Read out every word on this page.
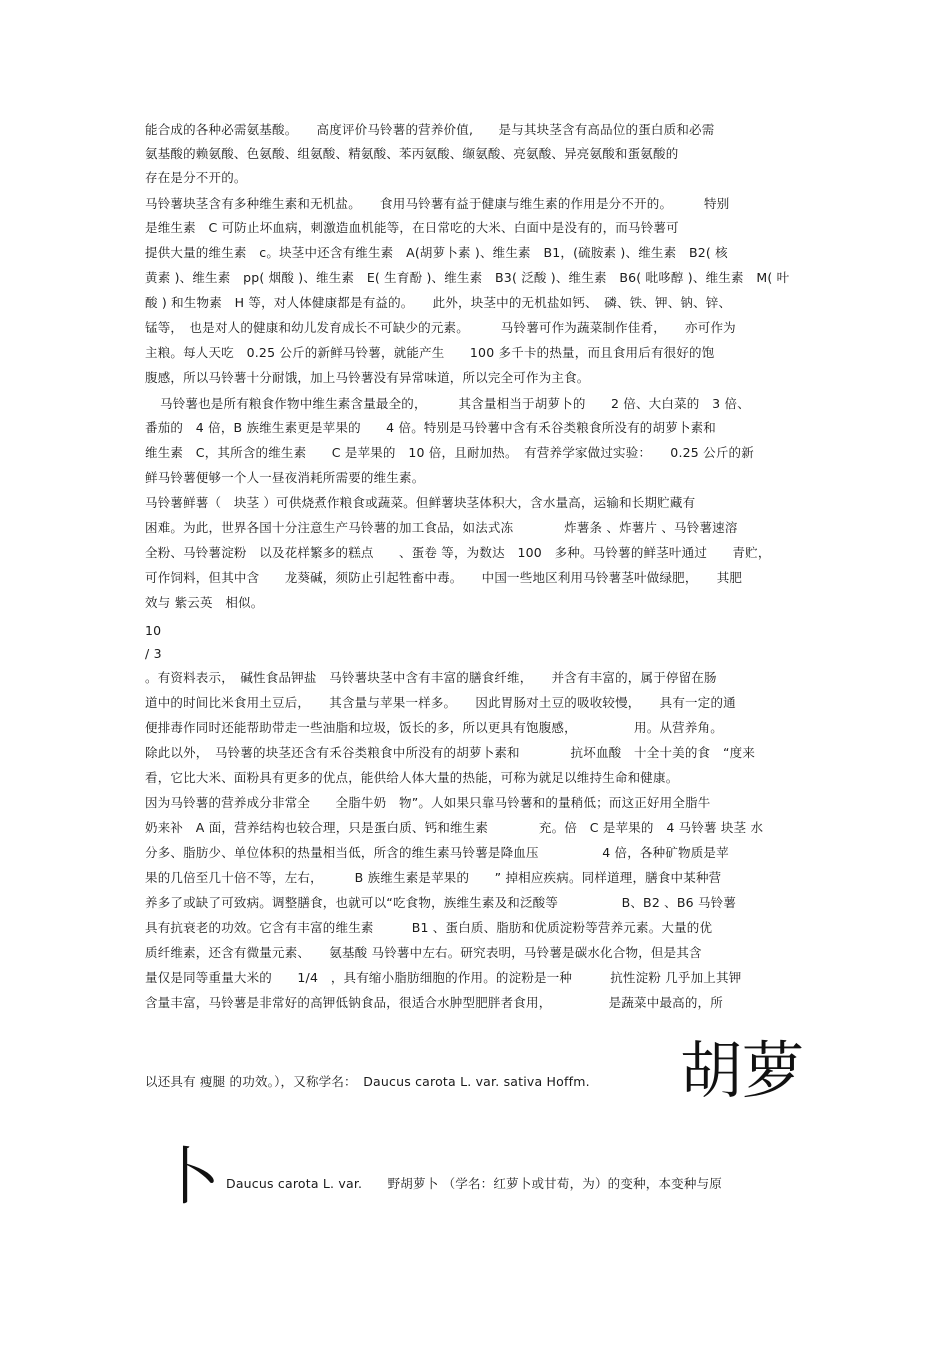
能合成的各种必需氨基酸。　　高度评价马铃薯的营养价值,　　是与其块茎含有高品位的蛋白质和必需
氨基酸的赖氨酸、色氨酸、组氨酸、精氨酸、苯丙氨酸、缬氨酸、亮氨酸、异亮氨酸和蛋氨酸的
存在是分不开的。
马铃薯块茎含有多种维生素和无机盐。　　食用马铃薯有益于健康与维生素的作用是分不开的。　　　特别
是维生素　C 可防止坏血病，刺激造血机能等，在日常吃的大米、白面中是没有的，而马铃薯可
提供大量的维生素　c。块茎中还含有维生素　A(胡萝卜素 )、维生素　B1，(硫胺素 )、维生素　B2( 核
黄素 )、维生素　pp( 烟酸 )、维生素　E( 生育酚 )、维生素　B3( 泛酸 )、维生素　B6( 吡哆醇 )、维生素　M( 叶
酸 ) 和生物素　H 等，对人体健康都是有益的。　　此外，块茎中的无机盐如钙、　磷、铁、钾、钠、锌、
锰等，　也是对人的健康和幼儿发育成长不可缺少的元素。　　　马铃薯可作为蔬菜制作佳肴，　　亦可作为
主粮。每人天吃　0.25 公斤的新鲜马铃薯，就能产生　　100 多千卡的热量，而且食用后有很好的饱
腹感，所以马铃薯十分耐饿，加上马铃薯没有异常味道，所以完全可作为主食。
马铃薯也是所有粮食作物中维生素含量最全的，　　　其含量相当于胡萝卜的　　2 倍、大白菜的　3 倍、
番茄的　4 倍，B 族维生素更是苹果的　　4 倍。特别是马铃薯中含有禾谷类粮食所没有的胡萝卜素和
维生素　C，其所含的维生素　　C 是苹果的　10 倍，且耐加热。　有营养学家做过实验：　　0.25 公斤的新
鲜马铃薯便够一个人一昼夜消耗所需要的维生素。
马铃薯鲜薯（　块茎 ）可供烧煮作粮食或蔬菜。但鲜薯块茎体积大，含水量高，运输和长期贮藏有
困难。为此，世界各国十分注意生产马铃薯的加工食品，如法式冻　　　　炸薯条 、炸薯片 、马铃薯速溶
全粉、马铃薯淀粉　以及花样繁多的糕点　　、蛋卷 等，为数达　100　多种。马铃薯的鲜茎叶通过　　青贮，
可作饲料，但其中含　　龙葵碱，须防止引起牲畜中毒。　　中国一些地区利用马铃薯茎叶做绿肥，　　其肥
效与 紫云英　相似。
10
/ 3
。有资料表示，　碱性食品钾盐　马铃薯块茎中含有丰富的膳食纤维，　　并含有丰富的，属于停留在肠
道中的时间比米食用土豆后，　　其含量与苹果一样多。　　因此胃肠对土豆的吸收较慢，　　具有一定的通
便排毒作同时还能帮助带走一些油脂和垃圾，饭长的多，所以更具有饱腹感，　　　　　用。从营养角。
除此以外，　马铃薯的块茎还含有禾谷类粮食中所没有的胡萝卜素和　　　　抗坏血酸　十全十美的食　“度来
看，它比大米、面粉具有更多的优点，能供给人体大量的热能，可称为就足以维持生命和健康。
因为马铃薯的营养成分非常全　　全脂牛奶　物”。人如果只靠马铃薯和的量稍低；而这正好用全脂牛
奶来补　A 面，营养结构也较合理，只是蛋白质、钙和维生素　　　　充。倍　C 是苹果的　4 马铃薯 块茎 水
分多、脂肪少、单位体积的热量相当低，所含的维生素马铃薯是降血压　　　　　4 倍，各种矿物质是苹
果的几倍至几十倍不等，左右，　　　B 族维生素是苹果的　　” 掉相应疾病。同样道理，膳食中某种营
养多了或缺了可致病。调整膳食，也就可以“吃食物，族维生素及和泛酸等　　　　　B、B2 、B6 马铃薯
具有抗衰老的功效。它含有丰富的维生素　　　B1 、蛋白质、脂肪和优质淀粉等营养元素。大量的优
质纤维素，还含有微量元素、　　氨基酸 马铃薯中左右。研究表明，马铃薯是碳水化合物，但是其含
量仅是同等重量大米的　　1/4　，具有缩小脂肪细胞的作用。的淀粉是一种　　　抗性淀粉 几乎加上其钾
含量丰富，马铃薯是非常好的高钾低钠食品，很适合水肿型肥胖者食用，　　　　　是蔬菜中最高的，所
以还具有 瘦腿 的功效。），又称学名：　Daucus carota L. var. sativa Hoffm.	胡萝
卜 Daucus carota L. var.　　野胡萝卜 （学名：红萝卜或甘荀，为）的变种，本变种与原
